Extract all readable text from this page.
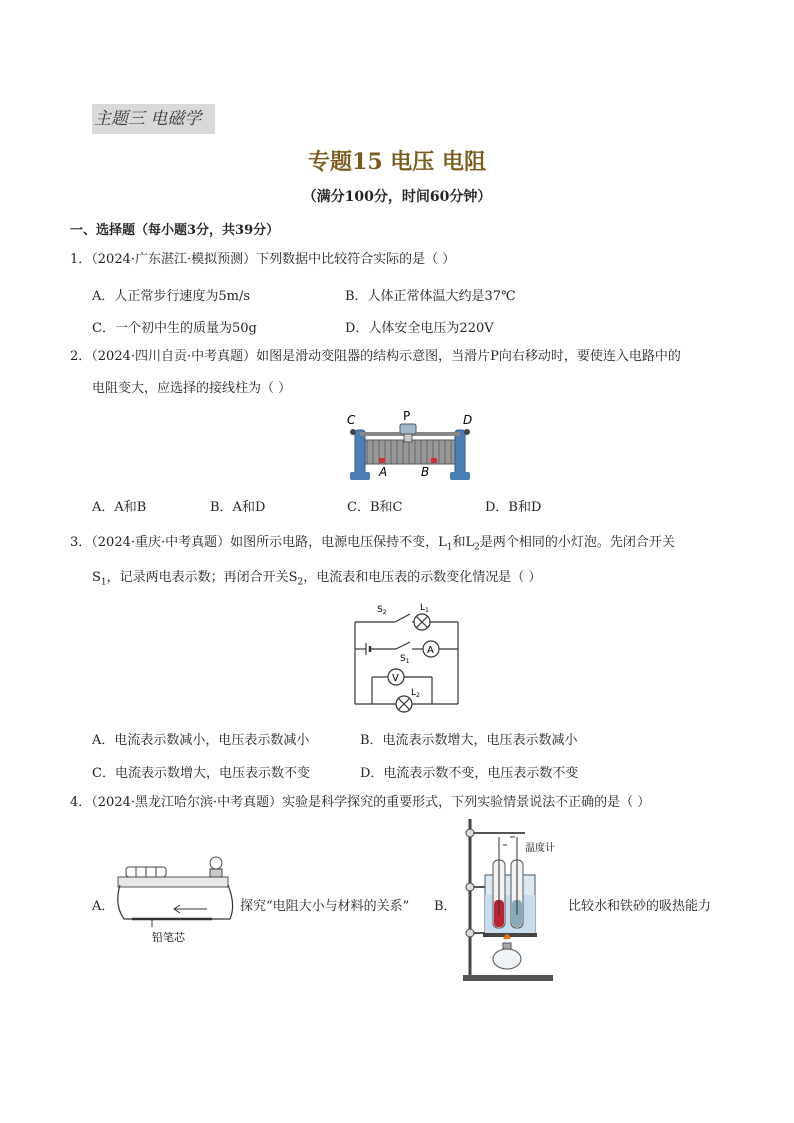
主题三 电磁学
专题15 电压 电阻
（满分100分，时间60分钟）
一、选择题（每小题3分，共39分）
1．（2024·广东湛江·模拟预测）下列数据中比较符合实际的是（ ）
A．人正常步行速度为5m/s	B．人体正常体温大约是37℃
C．一个初中生的质量为50g	D．人体安全电压为220V
2．（2024·四川自贡·中考真题）如图是滑动变阻器的结构示意图，当滑片P向右移动时，要使连入电路中的
电阻变大，应选择的接线柱为（ ）
C	P	D
A	B
A．A和B	B．A和D	C．B和C	D．B和D
3．（2024·重庆·中考真题）如图所示电路，电源电压保持不变，$L_1$和$L_2$是两个相同的小灯泡。先闭合开关
$S_1$，记录两电表示数；再闭合开关$S_2$，电流表和电压表的示数变化情况是（ ）
$S_2$	$L_1$
$S_1$
A
V
$L_2$
A．电流表示数减小，电压表示数减小	B．电流表示数增大，电压表示数减小
C．电流表示数增大，电压表示数不变	D．电流表示数不变，电压表示数不变
4．（2024·黑龙江哈尔滨·中考真题）实验是科学探究的重要形式，下列实验情景说法不正确的是（ ）
A．
铅笔芯
探究“电阻大小与材料的关系” B．
温度计
比较水和铁砂的吸热能力
